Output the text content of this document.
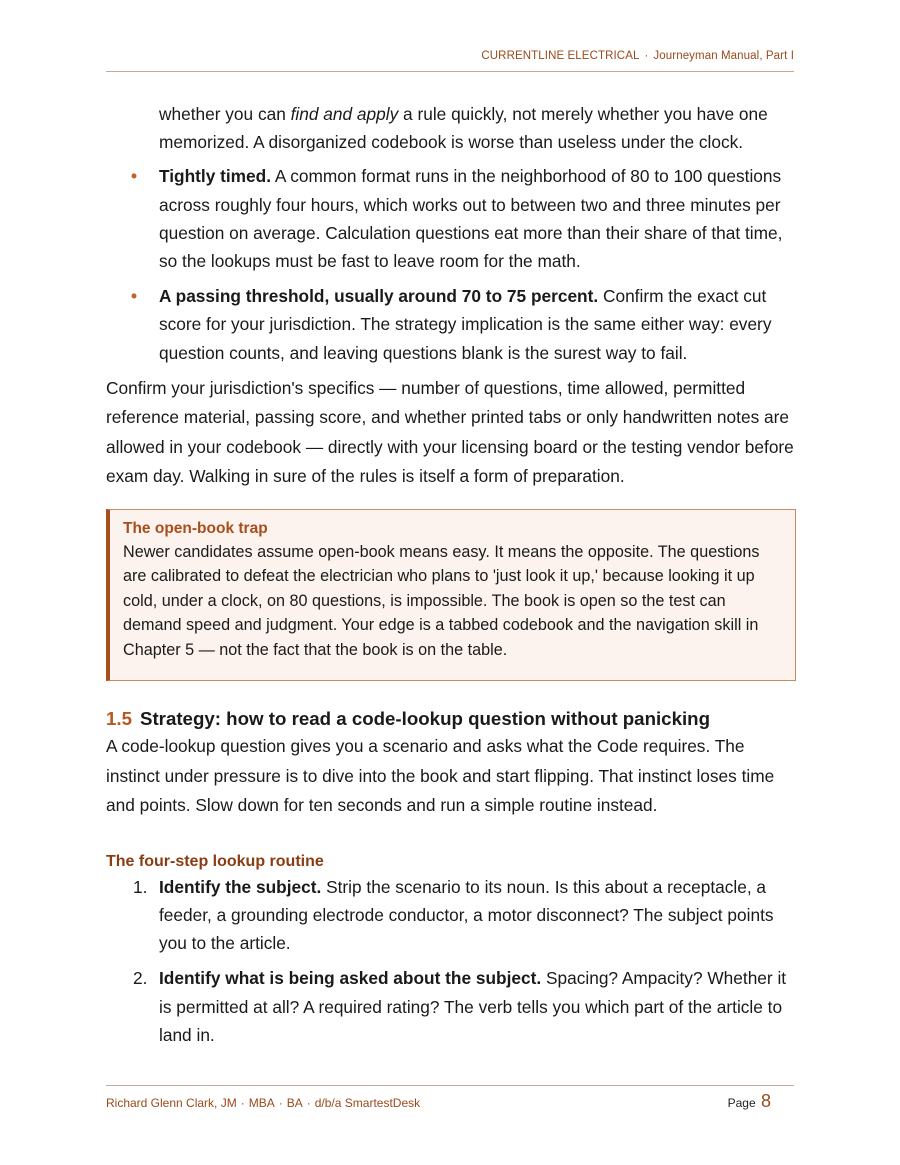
CURRENTLINE ELECTRICAL · Journeyman Manual, Part I

whether you can find and apply a rule quickly, not merely whether you have one memorized. A disorganized codebook is worse than useless under the clock.

• Tightly timed. A common format runs in the neighborhood of 80 to 100 questions across roughly four hours, which works out to between two and three minutes per question on average. Calculation questions eat more than their share of that time, so the lookups must be fast to leave room for the math.
• A passing threshold, usually around 70 to 75 percent. Confirm the exact cut score for your jurisdiction. The strategy implication is the same either way: every question counts, and leaving questions blank is the surest way to fail.

Confirm your jurisdiction's specifics — number of questions, time allowed, permitted reference material, passing score, and whether printed tabs or only handwritten notes are allowed in your codebook — directly with your licensing board or the testing vendor before exam day. Walking in sure of the rules is itself a form of preparation.

The open-book trap
Newer candidates assume open-book means easy. It means the opposite. The questions are calibrated to defeat the electrician who plans to 'just look it up,' because looking it up cold, under a clock, on 80 questions, is impossible. The book is open so the test can demand speed and judgment. Your edge is a tabbed codebook and the navigation skill in Chapter 5 — not the fact that the book is on the table.
1.5 Strategy: how to read a code-lookup question without panicking

A code-lookup question gives you a scenario and asks what the Code requires. The instinct under pressure is to dive into the book and start flipping. That instinct loses time and points. Slow down for ten seconds and run a simple routine instead.

The four-step lookup routine
1. Identify the subject. Strip the scenario to its noun. Is this about a receptacle, a feeder, a grounding electrode conductor, a motor disconnect? The subject points you to the article.
2. Identify what is being asked about the subject. Spacing? Ampacity? Whether it is permitted at all? A required rating? The verb tells you which part of the article to land in.
Richard Glenn Clark, JM · MBA · BA · d/b/a SmartestDesk	Page 8
